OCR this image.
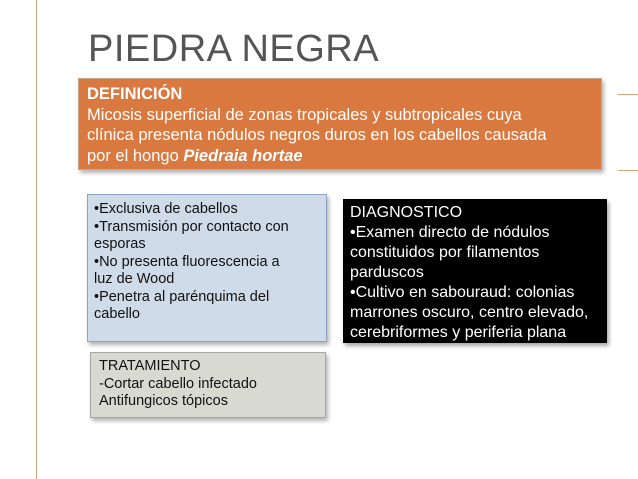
PIEDRA NEGRA
DEFINICIÓN
Micosis superficial de zonas tropicales y subtropicales cuya
clínica presenta nódulos negros duros en los cabellos causada
por el hongo Piedraia hortae
•Exclusiva de cabellos
•Transmisión por contacto con
esporas
•No presenta fluorescencia a
luz de Wood
•Penetra al parénquima del
cabello
DIAGNOSTICO
•Examen directo de nódulos
constituidos por filamentos
parduscos
•Cultivo en sabouraud: colonias
marrones oscuro, centro elevado,
cerebriformes y periferia plana
TRATAMIENTO
-Cortar cabello infectado
Antifungicos tópicos
